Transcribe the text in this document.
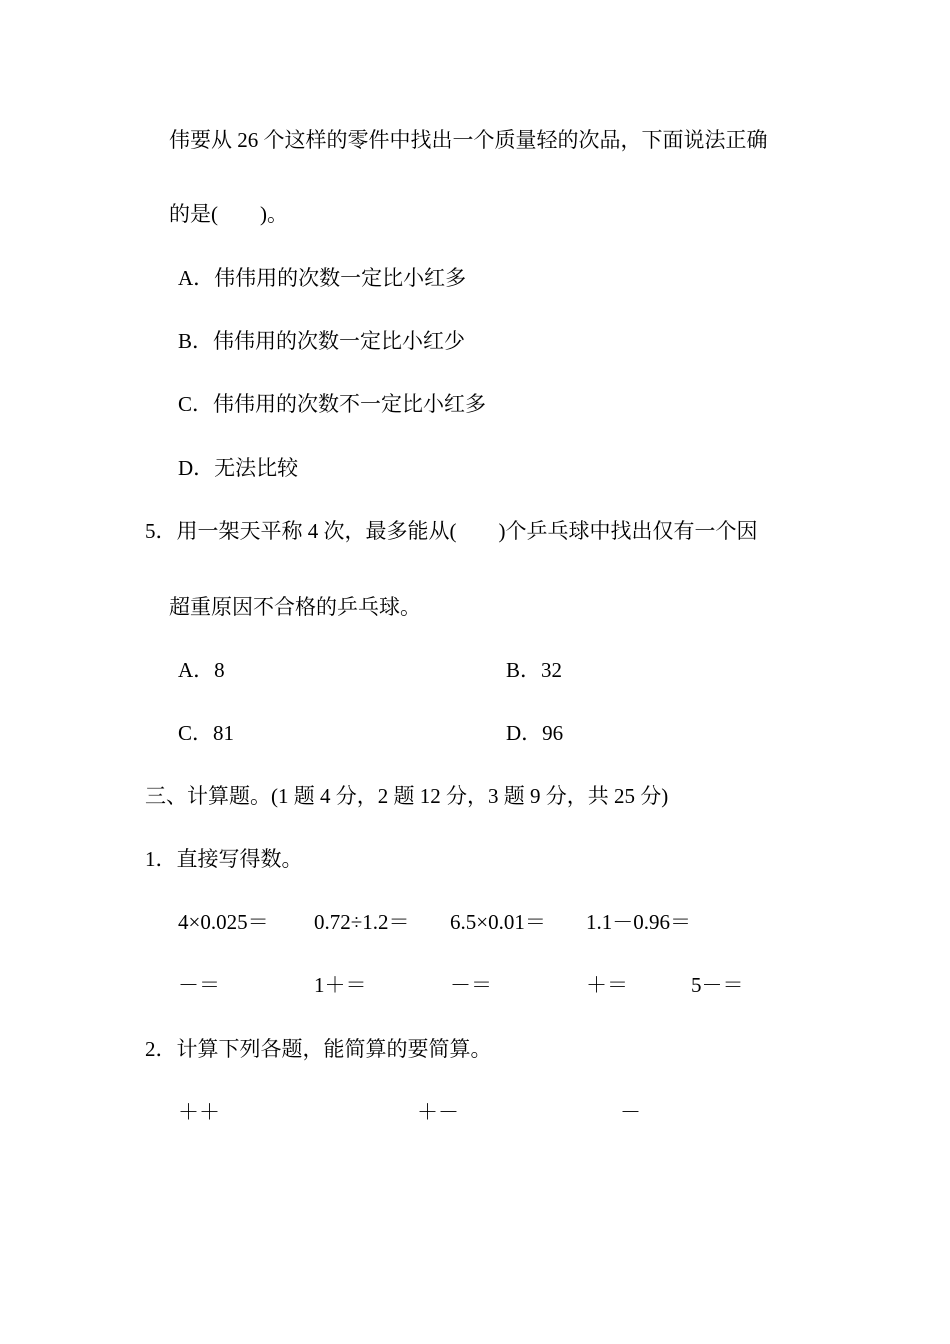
伟要从 26 个这样的零件中找出一个质量轻的次品，下面说法正确
的是(　　)。
A．伟伟用的次数一定比小红多
B．伟伟用的次数一定比小红少
C．伟伟用的次数不一定比小红多
D．无法比较
5．用一架天平称 4 次，最多能从(　　)个乒乓球中找出仅有一个因
超重原因不合格的乒乓球。
A．8	B．32
C．81	D．96
三、计算题。(1 题 4 分，2 题 12 分，3 题 9 分，共 25 分)
1．直接写得数。
4×0.025＝ 0.72÷1.2＝ 6.5×0.01＝ 1.1－0.96＝
－＝	1＋＝	－＝	＋＝	5－＝
2．计算下列各题，能简算的要简算。
＋＋	＋－	－
